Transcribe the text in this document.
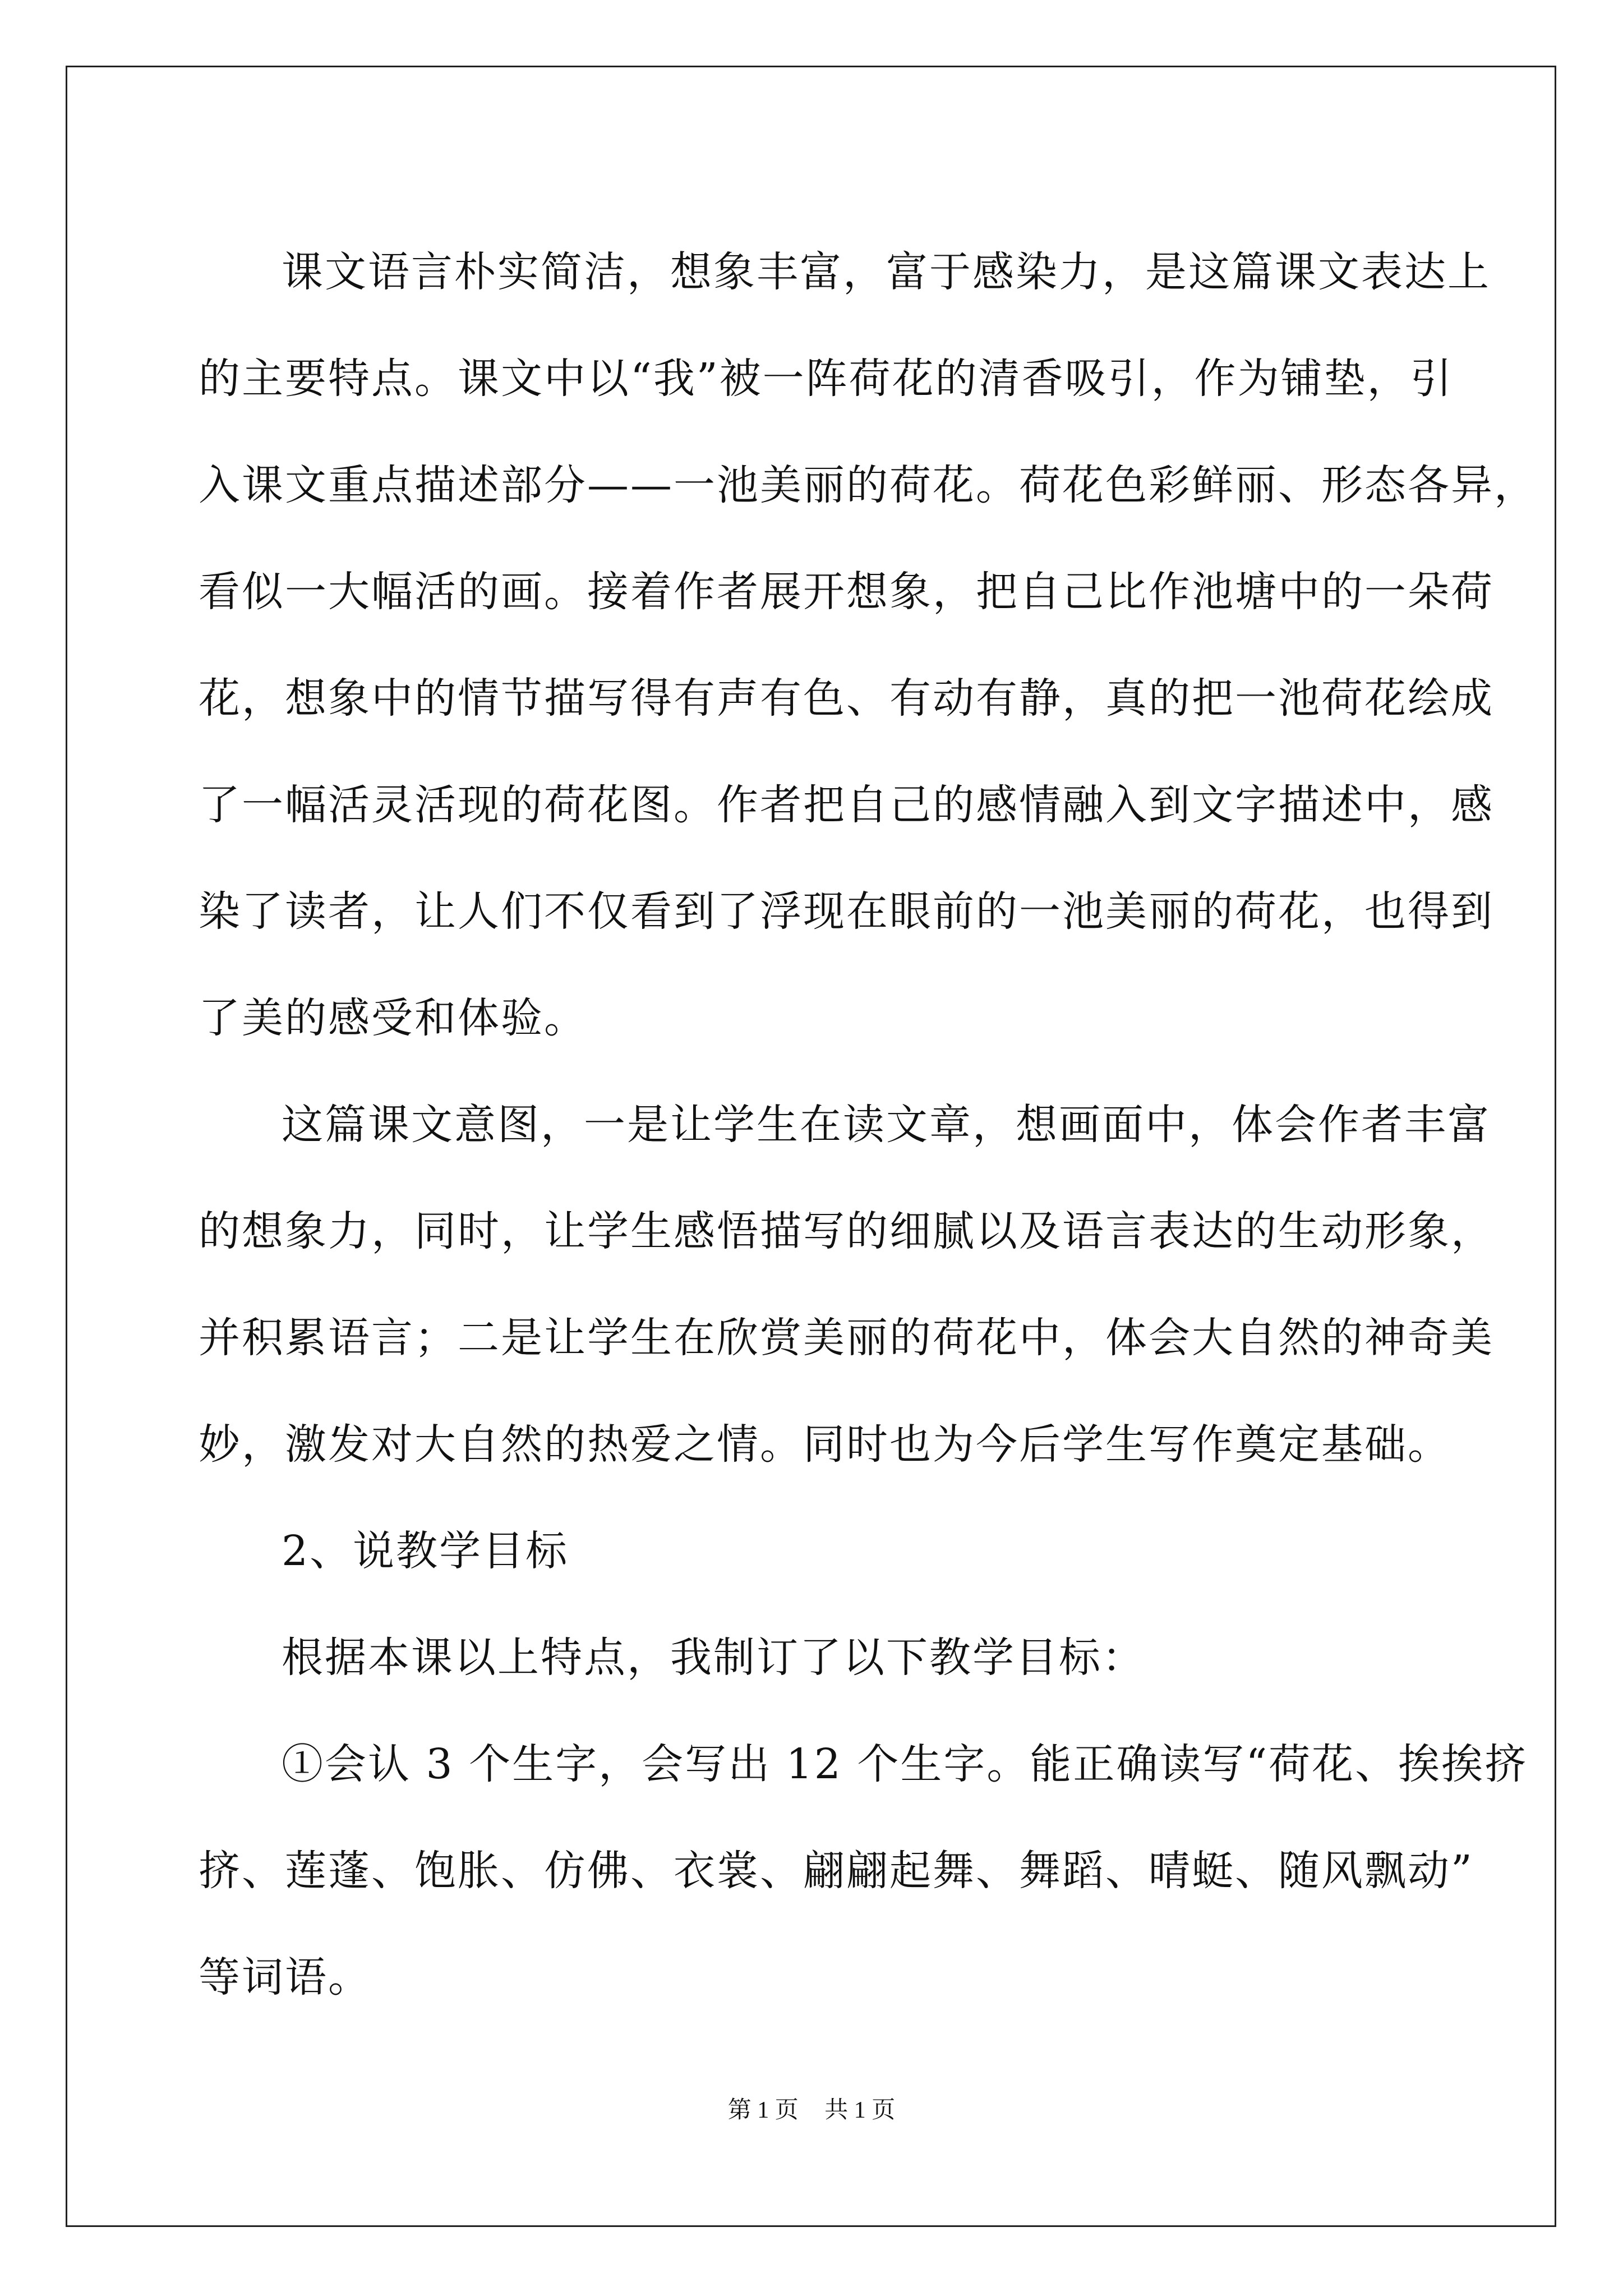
课文语言朴实简洁，想象丰富，富于感染力，是这篇课文表达上
的主要特点。课文中以“我”被一阵荷花的清香吸引，作为铺垫，引
入课文重点描述部分——一池美丽的荷花。荷花色彩鲜丽、形态各异，
看似一大幅活的画。接着作者展开想象，把自己比作池塘中的一朵荷
花，想象中的情节描写得有声有色、有动有静，真的把一池荷花绘成
了一幅活灵活现的荷花图。作者把自己的感情融入到文字描述中，感
染了读者，让人们不仅看到了浮现在眼前的一池美丽的荷花，也得到
了美的感受和体验。
这篇课文意图，一是让学生在读文章，想画面中，体会作者丰富
的想象力，同时，让学生感悟描写的细腻以及语言表达的生动形象，
并积累语言；二是让学生在欣赏美丽的荷花中，体会大自然的神奇美
妙，激发对大自然的热爱之情。同时也为今后学生写作奠定基础。
2、说教学目标
根据本课以上特点，我制订了以下教学目标：
①会认 3 个生字，会写出 12 个生字。能正确读写“荷花、挨挨挤
挤、莲蓬、饱胀、仿佛、衣裳、翩翩起舞、舞蹈、晴蜓、随风飘动”
等词语。
第 1 页 共 1 页
